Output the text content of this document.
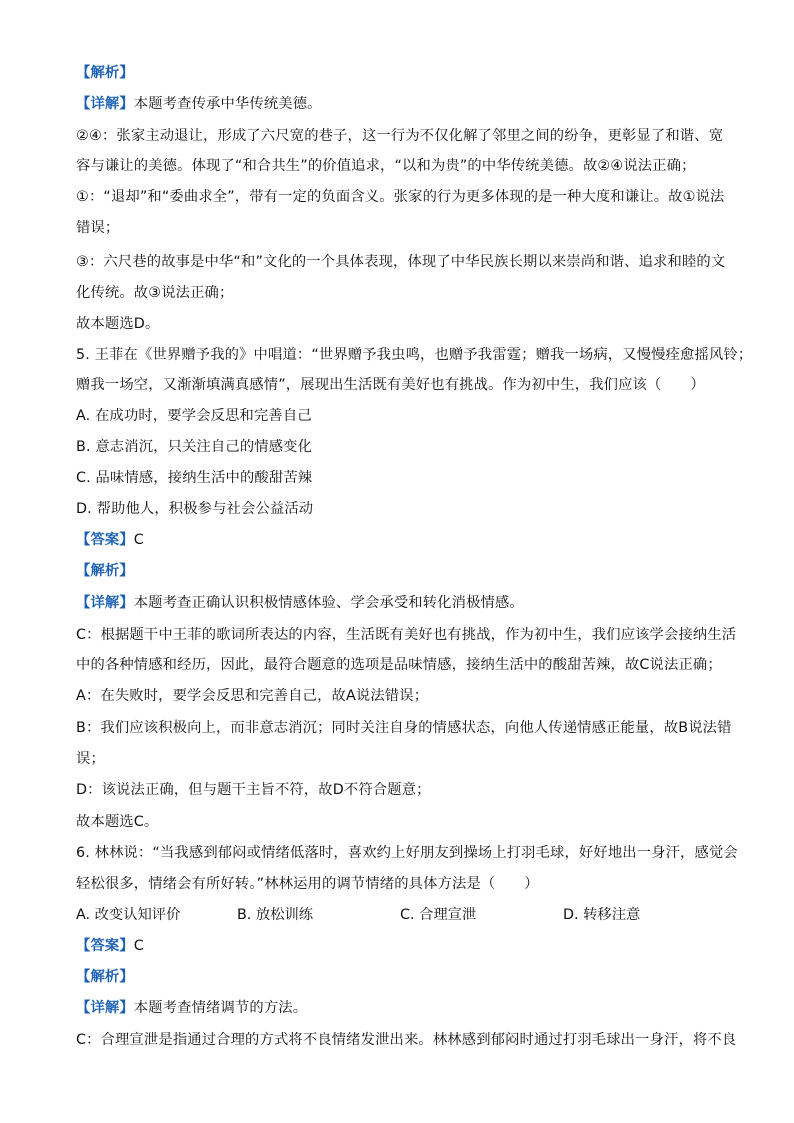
【解析】
【详解】本题考查传承中华传统美德。
②④：张家主动退让，形成了六尺宽的巷子，这一行为不仅化解了邻里之间的纷争，更彰显了和谐、宽
容与谦让的美德。体现了“和合共生”的价值追求，“以和为贵”的中华传统美德。故②④说法正确；
①：“退却”和“委曲求全”，带有一定的负面含义。张家的行为更多体现的是一种大度和谦让。故①说法
错误；
③：六尺巷的故事是中华“和”文化的一个具体表现，体现了中华民族长期以来崇尚和谐、追求和睦的文
化传统。故③说法正确；
故本题选D。
5. 王菲在《世界赠予我的》中唱道：“世界赠予我虫鸣，也赠予我雷霆；赠我一场病，又慢慢痊愈摇风铃；
赠我一场空，又渐渐填满真感情”，展现出生活既有美好也有挑战。作为初中生，我们应该（　　）
A. 在成功时，要学会反思和完善自己
B. 意志消沉，只关注自己的情感变化
C. 品味情感，接纳生活中的酸甜苦辣
D. 帮助他人，积极参与社会公益活动
【答案】C
【解析】
【详解】本题考查正确认识积极情感体验、学会承受和转化消极情感。
C：根据题干中王菲的歌词所表达的内容，生活既有美好也有挑战，作为初中生，我们应该学会接纳生活
中的各种情感和经历，因此，最符合题意的选项是品味情感，接纳生活中的酸甜苦辣，故C说法正确；
A：在失败时，要学会反思和完善自己，故A说法错误；
B：我们应该积极向上，而非意志消沉；同时关注自身的情感状态，向他人传递情感正能量，故B说法错
误；
D：该说法正确，但与题干主旨不符，故D不符合题意；
故本题选C。
6. 林林说：“当我感到郁闷或情绪低落时，喜欢约上好朋友到操场上打羽毛球，好好地出一身汗，感觉会
轻松很多，情绪会有所好转。”林林运用的调节情绪的具体方法是（　　）
A. 改变认知评价	B. 放松训练	C. 合理宣泄	D. 转移注意
【答案】C
【解析】
【详解】本题考查情绪调节的方法。
C：合理宣泄是指通过合理的方式将不良情绪发泄出来。林林感到郁闷时通过打羽毛球出一身汗，将不良
